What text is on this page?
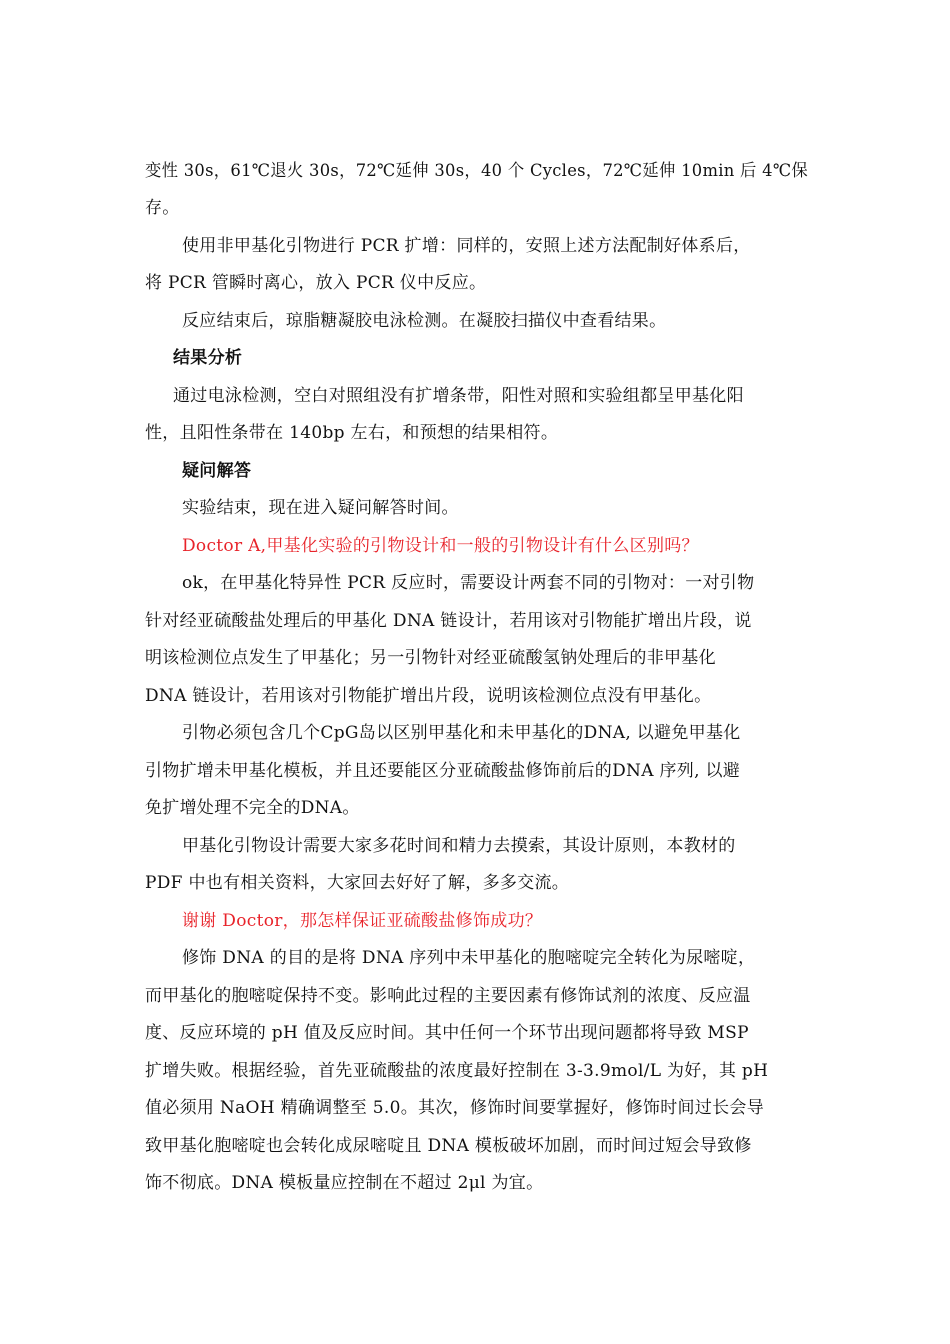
变性 30s，61℃退火 30s，72℃延伸 30s，40 个 Cycles，72℃延伸 10min 后 4℃保
存。
使用非甲基化引物进行 PCR 扩增：同样的，安照上述方法配制好体系后，
将 PCR 管瞬时离心，放入 PCR 仪中反应。
反应结束后，琼脂糖凝胶电泳检测。在凝胶扫描仪中查看结果。
结果分析
通过电泳检测，空白对照组没有扩增条带，阳性对照和实验组都呈甲基化阳
性，且阳性条带在 140bp 左右，和预想的结果相符。
疑问解答
实验结束，现在进入疑问解答时间。
Doctor A,甲基化实验的引物设计和一般的引物设计有什么区别吗？
ok，在甲基化特异性 PCR 反应时，需要设计两套不同的引物对：一对引物
针对经亚硫酸盐处理后的甲基化 DNA 链设计，若用该对引物能扩增出片段，说
明该检测位点发生了甲基化；另一引物针对经亚硫酸氢钠处理后的非甲基化
DNA 链设计，若用该对引物能扩增出片段，说明该检测位点没有甲基化。
引物必须包含几个CpG岛以区别甲基化和未甲基化的DNA, 以避免甲基化
引物扩增未甲基化模板，并且还要能区分亚硫酸盐修饰前后的DNA 序列, 以避
免扩增处理不完全的DNA。
甲基化引物设计需要大家多花时间和精力去摸索，其设计原则，本教材的
PDF 中也有相关资料，大家回去好好了解，多多交流。
谢谢 Doctor，那怎样保证亚硫酸盐修饰成功？
修饰 DNA 的目的是将 DNA 序列中未甲基化的胞嘧啶完全转化为尿嘧啶，
而甲基化的胞嘧啶保持不变。影响此过程的主要因素有修饰试剂的浓度、反应温
度、反应环境的 pH 值及反应时间。其中任何一个环节出现问题都将导致 MSP
扩增失败。根据经验，首先亚硫酸盐的浓度最好控制在 3-3.9mol/L 为好，其 pH
值必须用 NaOH 精确调整至 5.0。其次，修饰时间要掌握好，修饰时间过长会导
致甲基化胞嘧啶也会转化成尿嘧啶且 DNA 模板破坏加剧，而时间过短会导致修
饰不彻底。DNA 模板量应控制在不超过 2μl 为宜。
